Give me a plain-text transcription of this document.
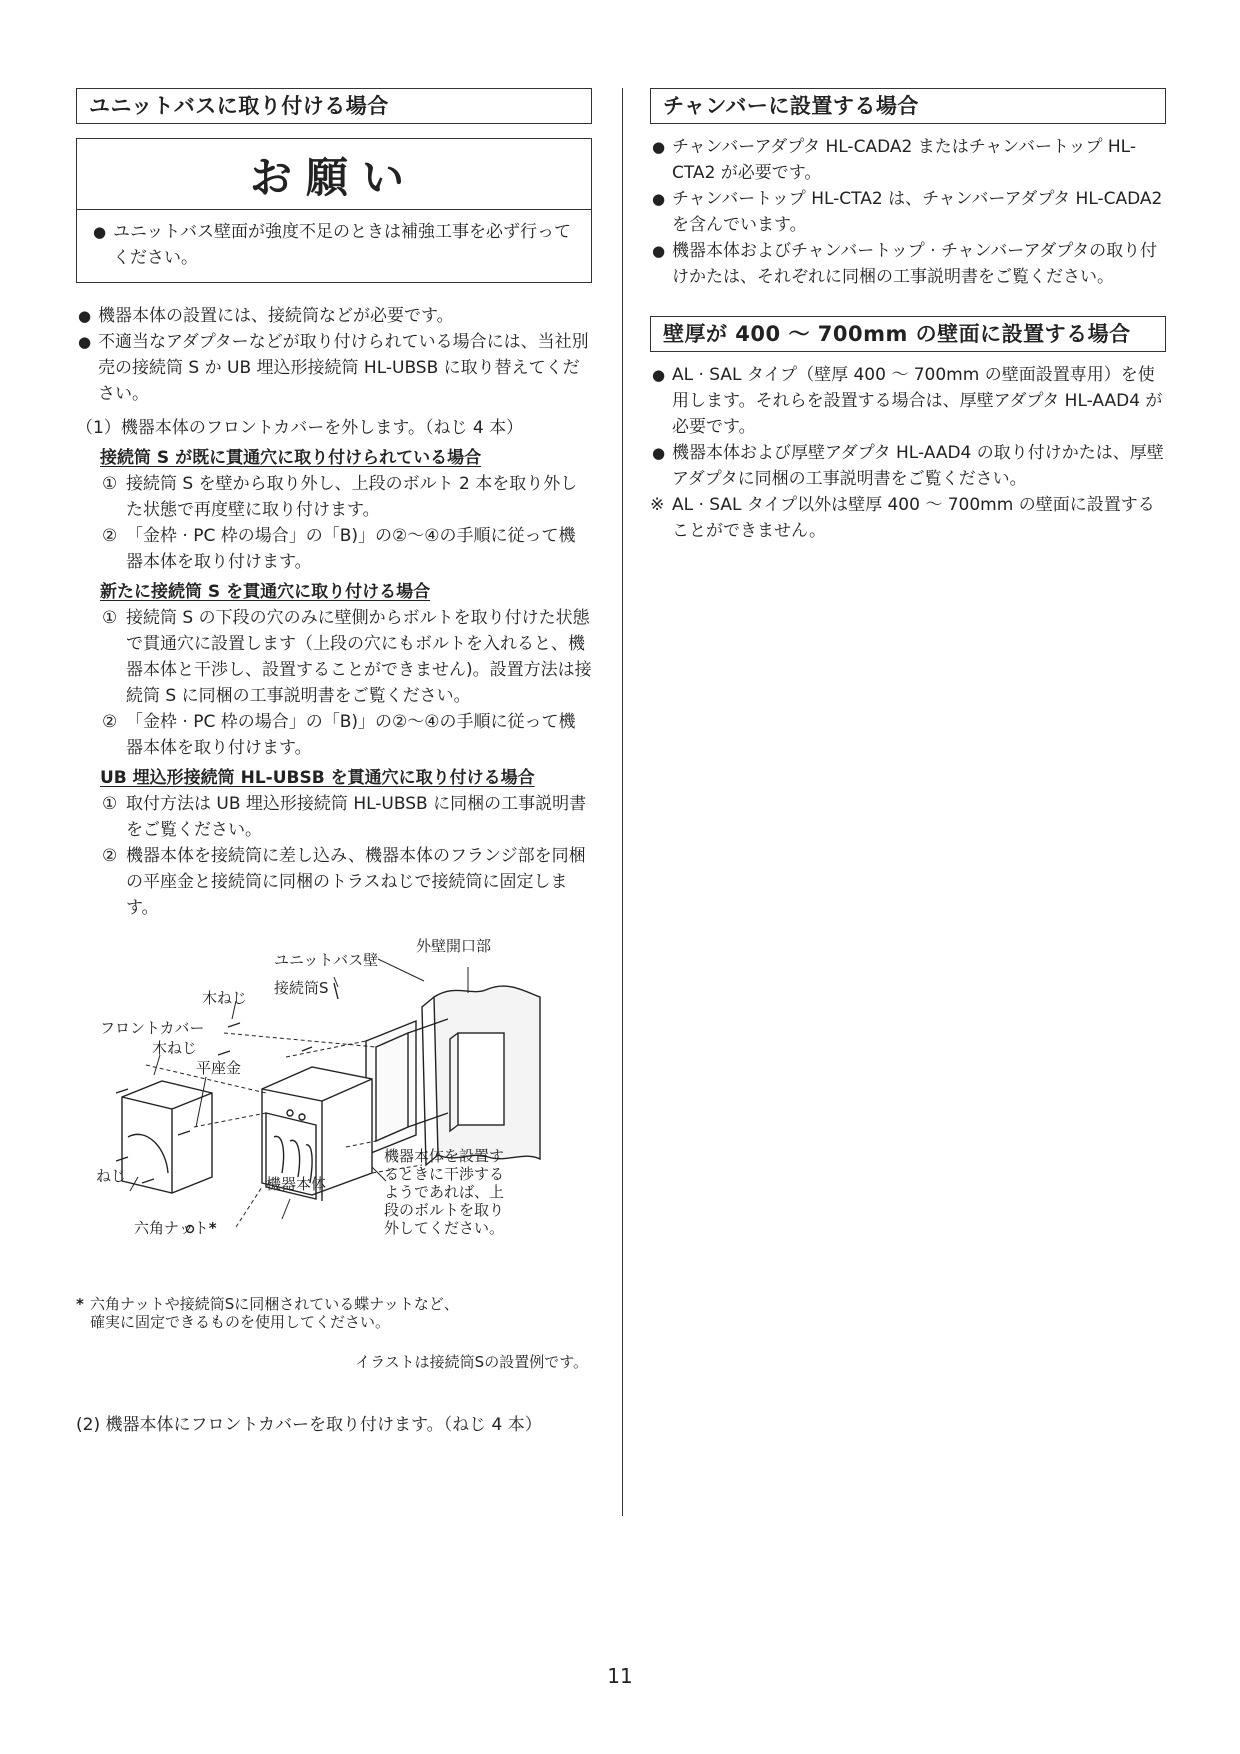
ユニットバスに取り付ける場合
お願い
● ユニットバス壁面が強度不足のときは補強工事を必ず行ってください。
● 機器本体の設置には、接続筒などが必要です。
● 不適当なアダプターなどが取り付けられている場合には、当社別売の接続筒 S か UB 埋込形接続筒 HL-UBSB に取り替えてください。
（1）機器本体のフロントカバーを外します。（ねじ 4 本）
接続筒 S が既に貫通穴に取り付けられている場合
① 接続筒 S を壁から取り外し、上段のボルト 2 本を取り外した状態で再度壁に取り付けます。
② 「金枠 · PC 枠の場合」の「B)」の②～④の手順に従って機器本体を取り付けます。
新たに接続筒 S を貫通穴に取り付ける場合
① 接続筒 S の下段の穴のみに壁側からボルトを取り付けた状態で貫通穴に設置します（上段の穴にもボルトを入れると、機器本体と干渉し、設置することができません)。設置方法は接続筒 S に同梱の工事説明書をご覧ください。
② 「金枠 · PC 枠の場合」の「B)」の②～④の手順に従って機器本体を取り付けます。
UB 埋込形接続筒 HL-UBSB を貫通穴に取り付ける場合
① 取付方法は UB 埋込形接続筒 HL-UBSB に同梱の工事説明書をご覧ください。
② 機器本体を接続筒に差し込み、機器本体のフランジ部を同梱の平座金と接続筒に同梱のトラスねじで接続筒に固定します。
ユニットバス壁
外壁開口部
接続筒S
木ねじ
フロントカバー
木ねじ
平座金
ねじ	機器本体
六角ナット*
機器本体を設置す
るときに干渉する
ようであれば、上
段のボルトを取り
外してください。
* 六角ナットや接続筒Sに同梱されている蝶ナットなど、
確実に固定できるものを使用してください。
イラストは接続筒Sの設置例です。
(2) 機器本体にフロントカバーを取り付けます。（ねじ 4 本）
チャンバーに設置する場合
● チャンバーアダプタ HL-CADA2 またはチャンバートップ HL-CTA2 が必要です。
● チャンバートップ HL-CTA2 は、チャンバーアダプタ HL-CADA2 を含んでいます。
● 機器本体およびチャンバートップ · チャンバーアダプタの取り付けかたは、それぞれに同梱の工事説明書をご覧ください。
壁厚が 400 ～ 700mm の壁面に設置する場合
● AL · SAL タイプ（壁厚 400 ～ 700mm の壁面設置専用）を使用します。それらを設置する場合は、厚壁アダプタ HL-AAD4 が必要です。
● 機器本体および厚壁アダプタ HL-AAD4 の取り付けかたは、厚壁アダプタに同梱の工事説明書をご覧ください。
※ AL · SAL タイプ以外は壁厚 400 ～ 700mm の壁面に設置することができません。
11
